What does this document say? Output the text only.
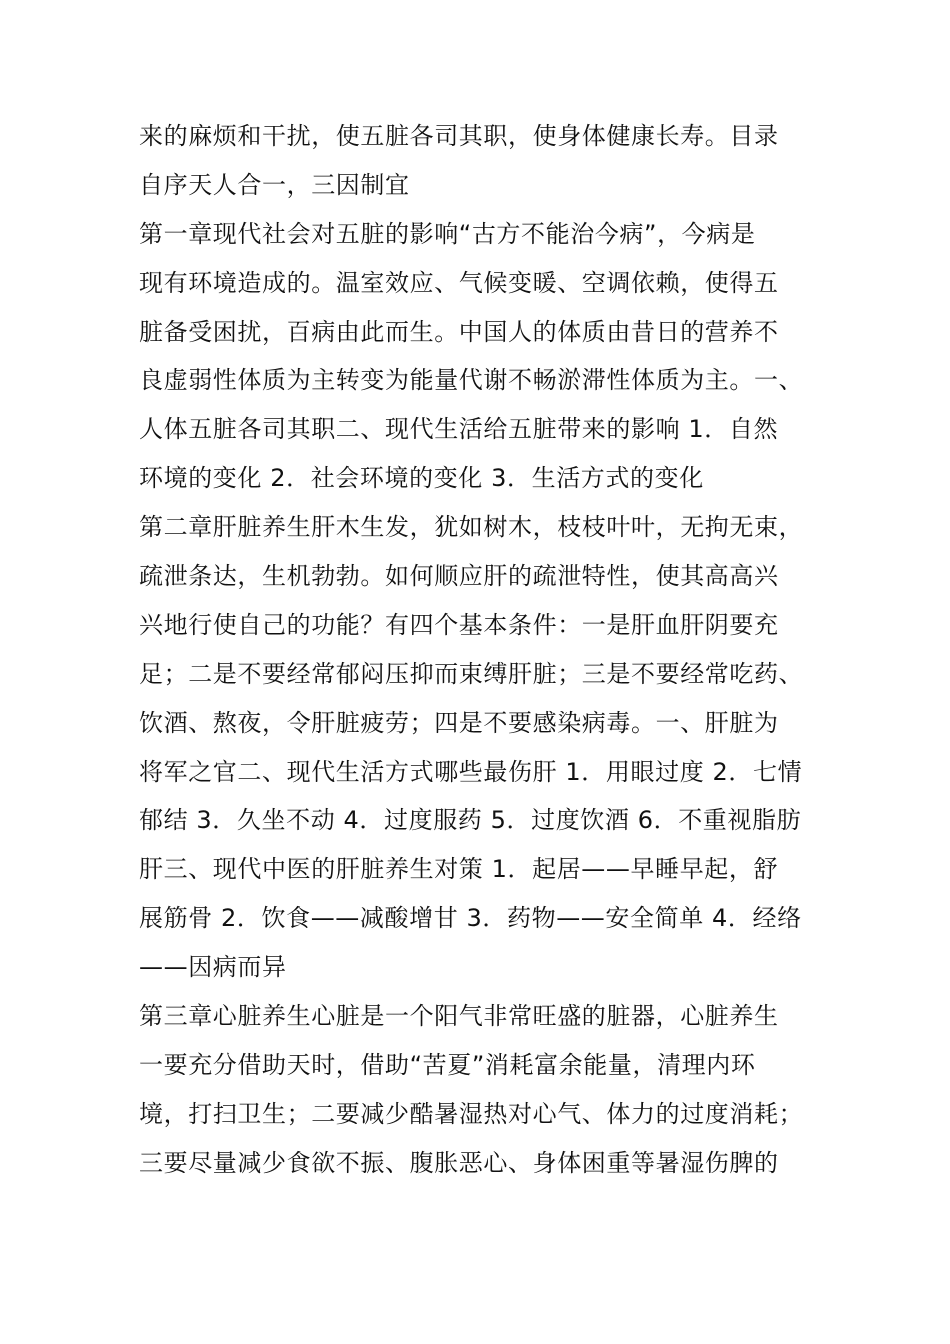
来的麻烦和干扰，使五脏各司其职，使身体健康长寿。目录
自序天人合一，三因制宜
第一章现代社会对五脏的影响“古方不能治今病”，今病是
现有环境造成的。温室效应、气候变暖、空调依赖，使得五
脏备受困扰，百病由此而生。中国人的体质由昔日的营养不
良虚弱性体质为主转变为能量代谢不畅淤滞性体质为主。一、
人体五脏各司其职二、现代生活给五脏带来的影响 1．自然
环境的变化 2．社会环境的变化 3．生活方式的变化
第二章肝脏养生肝木生发，犹如树木，枝枝叶叶，无拘无束，
疏泄条达，生机勃勃。如何顺应肝的疏泄特性，使其高高兴
兴地行使自己的功能？有四个基本条件：一是肝血肝阴要充
足；二是不要经常郁闷压抑而束缚肝脏；三是不要经常吃药、
饮酒、熬夜，令肝脏疲劳；四是不要感染病毒。一、肝脏为
将军之官二、现代生活方式哪些最伤肝 1．用眼过度 2．七情
郁结 3．久坐不动 4．过度服药 5．过度饮酒 6．不重视脂肪
肝三、现代中医的肝脏养生对策 1．起居——早睡早起，舒
展筋骨 2．饮食——减酸增甘 3．药物——安全简单 4．经络
——因病而异
第三章心脏养生心脏是一个阳气非常旺盛的脏器，心脏养生
一要充分借助天时，借助“苦夏”消耗富余能量，清理内环
境，打扫卫生；二要减少酷暑湿热对心气、体力的过度消耗；
三要尽量减少食欲不振、腹胀恶心、身体困重等暑湿伤脾的
